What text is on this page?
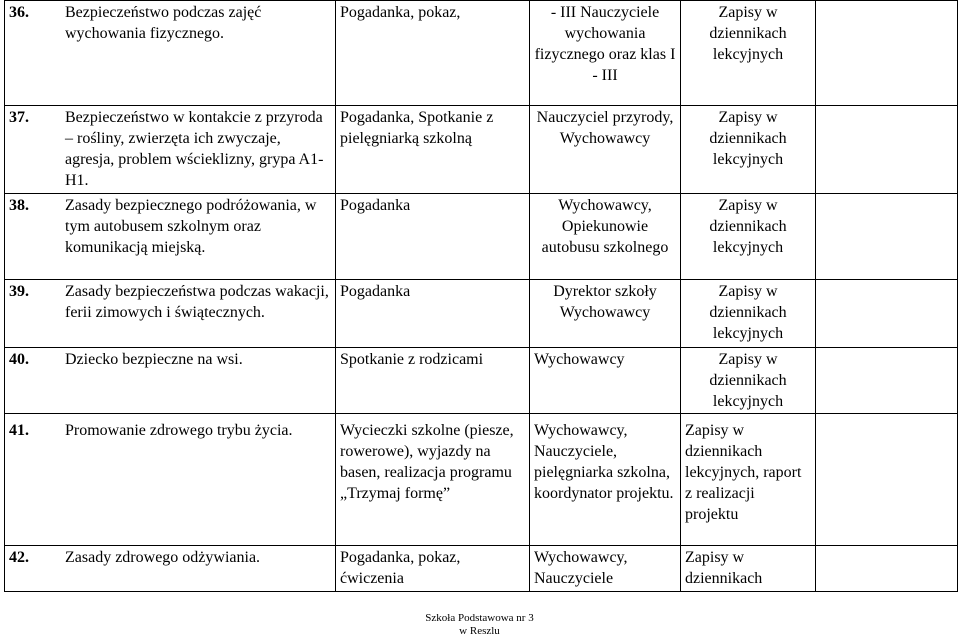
36. Bezpieczeństwo podczas zajęć wychowania fizycznego.	Pogadanka, pokaz,	- III Nauczyciele wychowania fizycznego oraz klas I - III	Zapisy w dziennikach lekcyjnych	

37. Bezpieczeństwo w kontakcie z przyroda – rośliny, zwierzęta ich zwyczaje, agresja, problem wścieklizny, grypa A1-H1.	Pogadanka, Spotkanie z pielęgniarką szkolną	Nauczyciel przyrody, Wychowawcy	Zapisy w dziennikach lekcyjnych	

38. Zasady bezpiecznego podróżowania, w tym autobusem szkolnym oraz komunikacją miejską.	Pogadanka	Wychowawcy, Opiekunowie autobusu szkolnego	Zapisy w dziennikach lekcyjnych	

39. Zasady bezpieczeństwa podczas wakacji, ferii zimowych i świątecznych.	Pogadanka	Dyrektor szkoły Wychowawcy	Zapisy w dziennikach lekcyjnych	

40. Dziecko bezpieczne na wsi.	Spotkanie z rodzicami	Wychowawcy	Zapisy w dziennikach lekcyjnych	

41. Promowanie zdrowego trybu życia.	Wycieczki szkolne (piesze, rowerowe), wyjazdy na basen, realizacja programu „Trzymaj formę”	Wychowawcy, Nauczyciele, pielęgniarka szkolna, koordynator projektu.	Zapisy w dziennikach lekcyjnych, raport z realizacji projektu	

42. Zasady zdrowego odżywiania.	Pogadanka, pokaz, ćwiczenia	Wychowawcy, Nauczyciele	Zapisy w dziennikach	
Szkoła Podstawowa nr 3
w Reszlu
